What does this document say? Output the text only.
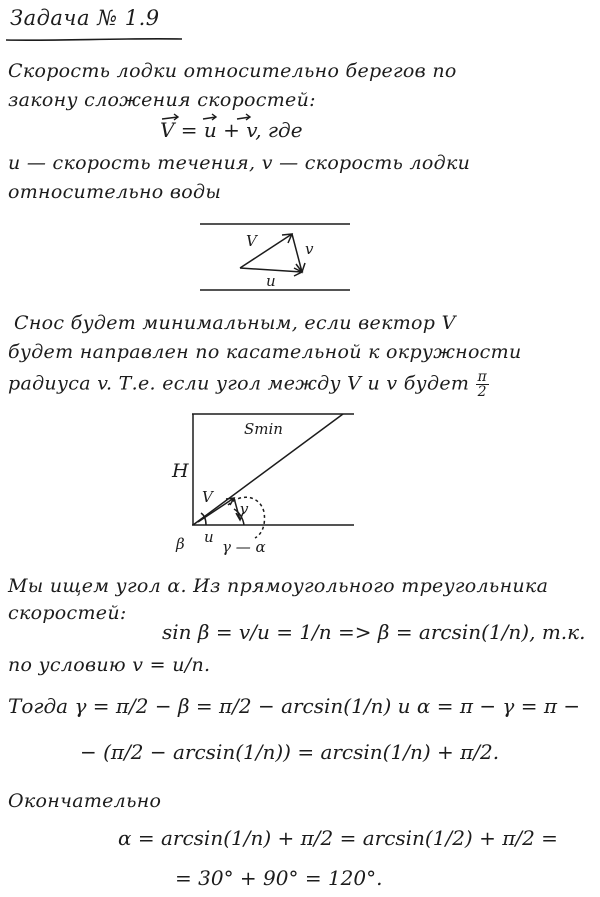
Задача № 1.9
Скорость лодки относительно берегов по
закону сложения скоростей:
V = u + v, где
u — скорость течения, v — скорость лодки
относительно воды
V	v
u
Снос будет минимальным, если вектор V
будет направлен по касательной к окружности
радиуса v. Т.е. если угол между V и v будет $\frac{\pi}{2}$
Smin
H
V
v
u
β γ — α
Мы ищем угол α. Из прямоугольного треугольника
скоростей:
sin β = v/u = 1/n => β = arcsin(1/n), т.к.
по условию v = u/n.
Тогда γ = π/2 − β = π/2 − arcsin(1/n) и α = π − γ = π −
− (π/2 − arcsin(1/n)) = arcsin(1/n) + π/2.
Окончательно
α = arcsin(1/n) + π/2 = arcsin(1/2) + π/2 =
= 30° + 90° = 120°.
